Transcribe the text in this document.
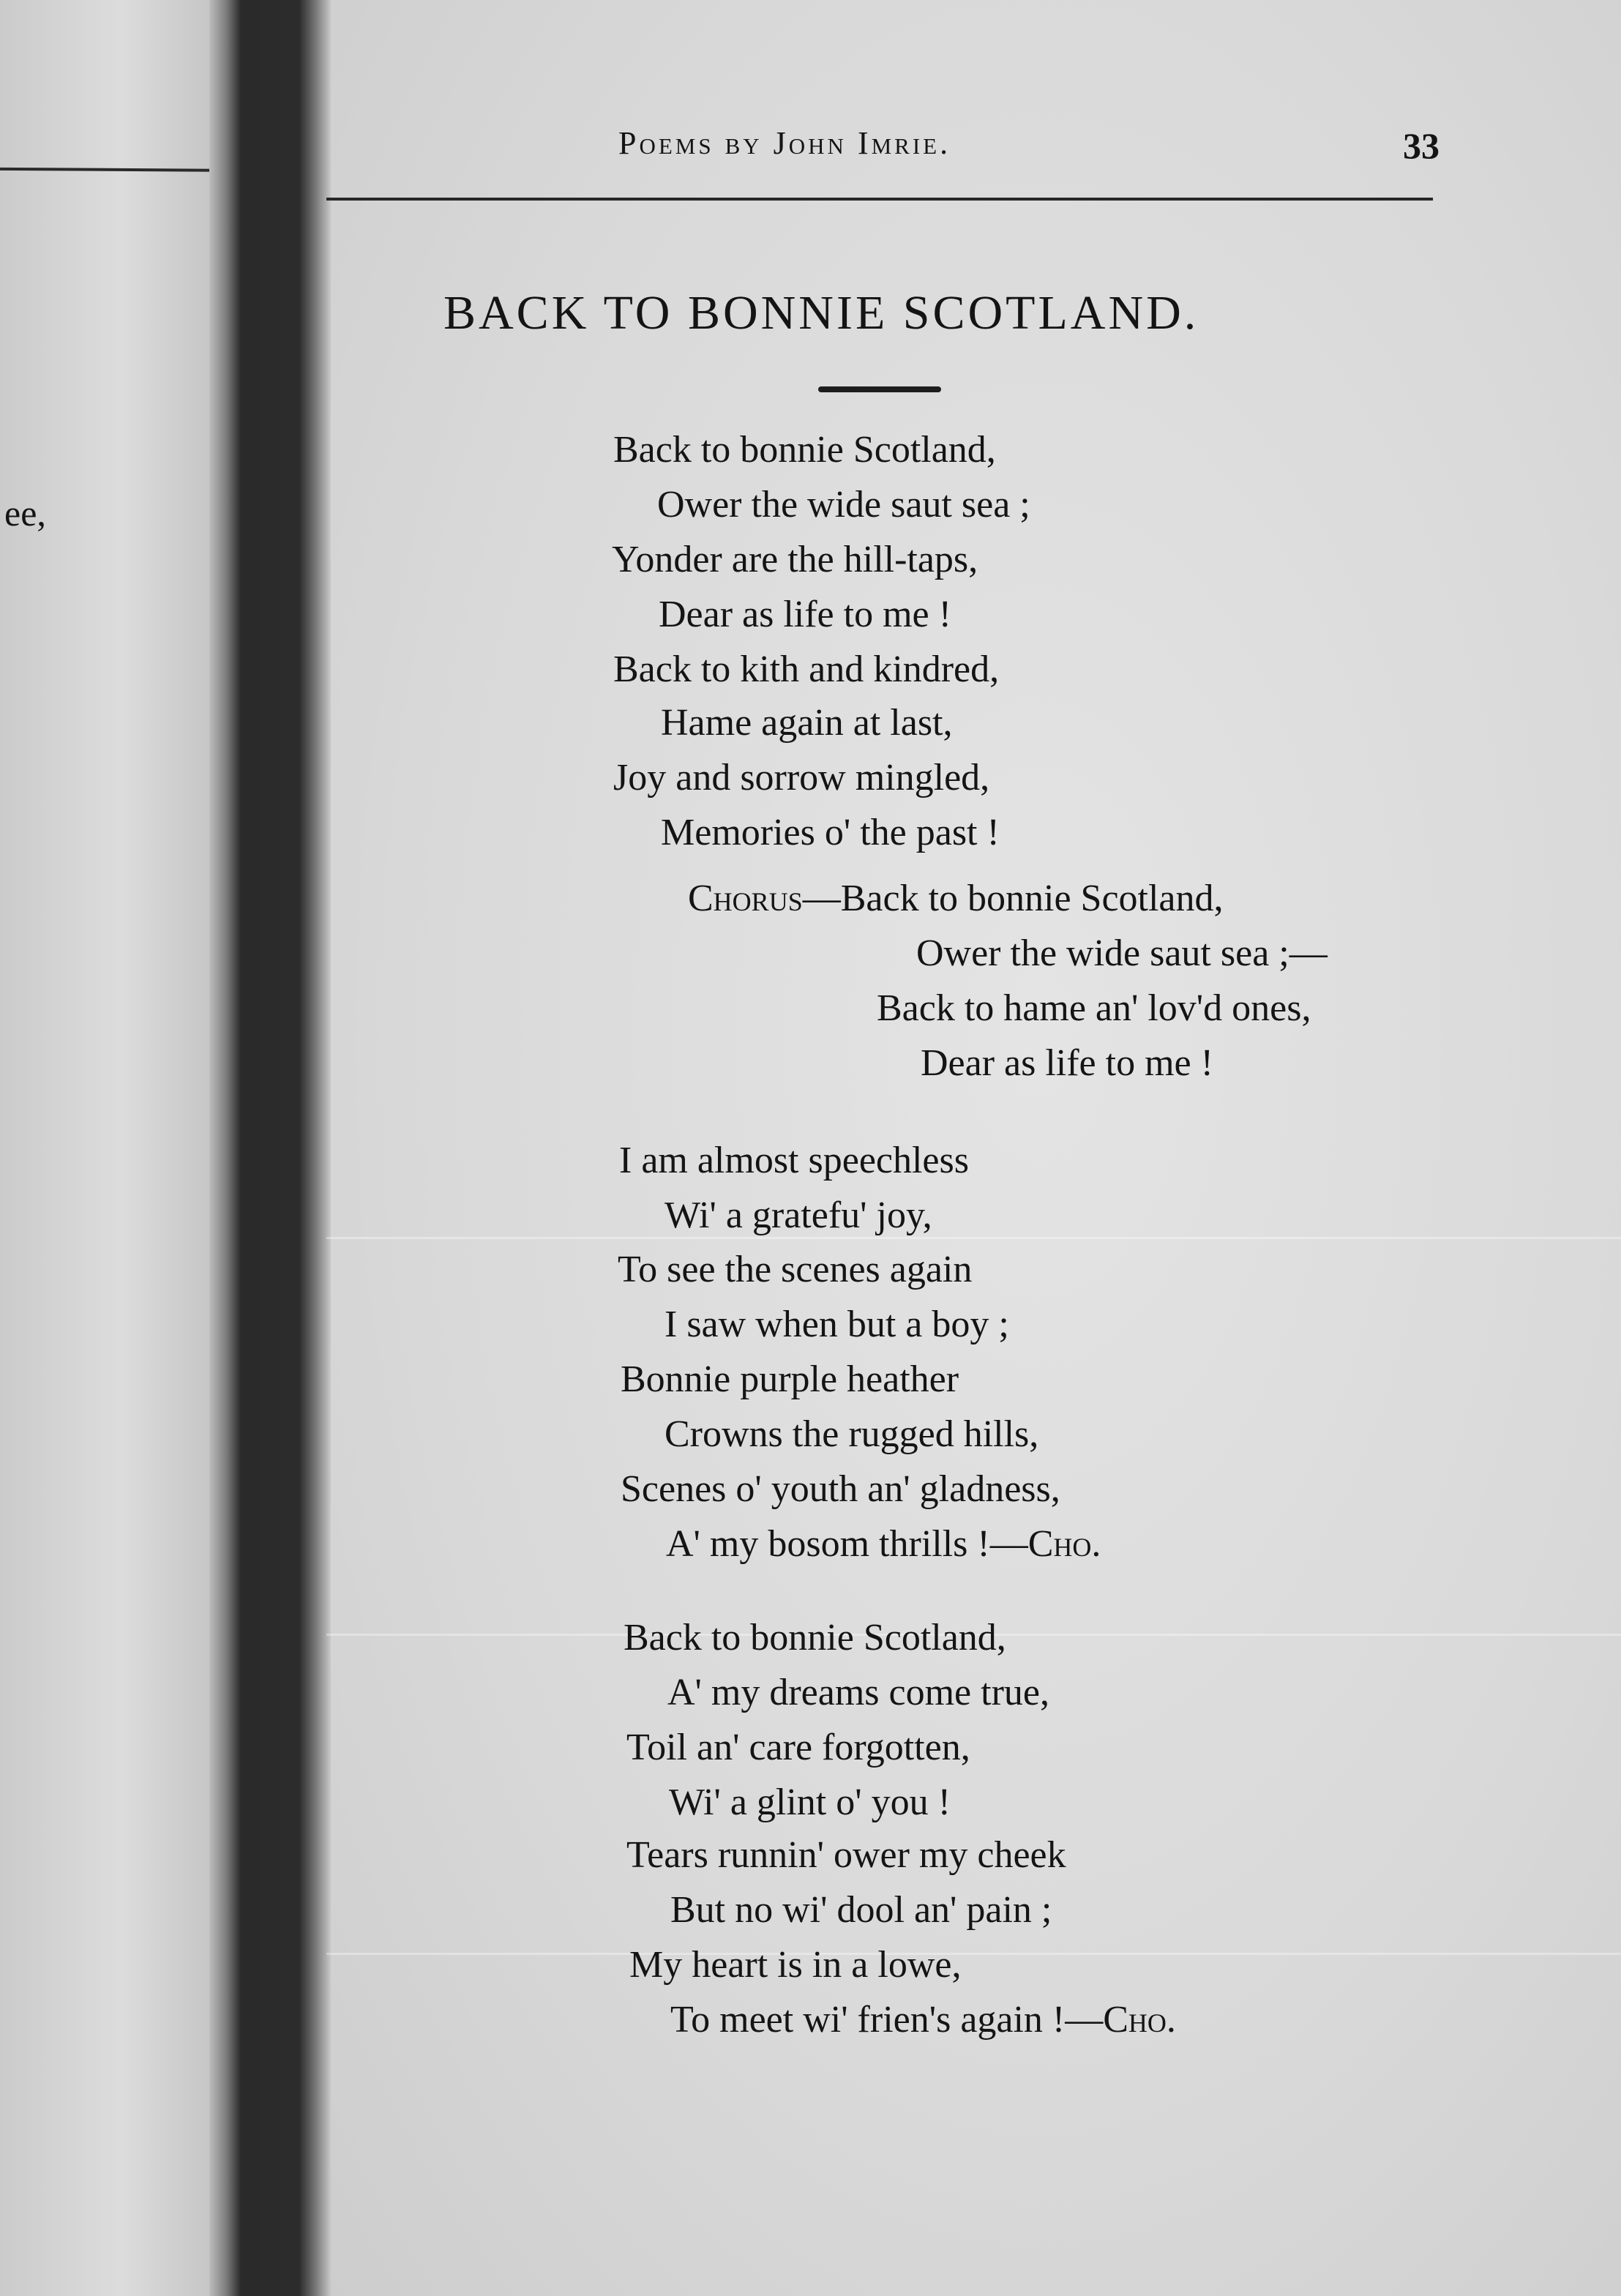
ee,
Poems by John Imrie.	33
BACK TO BONNIE SCOTLAND.

Back to bonnie Scotland,

Ower the wide saut sea ;

Yonder are the hill-taps,

Dear as life to me !

Back to kith and kindred,

Hame again at last,

Joy and sorrow mingled,

Memories o' the past !

Chorus—Back to bonnie Scotland,

Ower the wide saut sea ;—

Back to hame an' lov'd ones,

Dear as life to me !

I am almost speechless

Wi' a gratefu' joy,

To see the scenes again

I saw when but a boy ;

Bonnie purple heather

Crowns the rugged hills,

Scenes o' youth an' gladness,

A' my bosom thrills !—Cho.

Back to bonnie Scotland,

A' my dreams come true,

Toil an' care forgotten,

Wi' a glint o' you !

Tears runnin' ower my cheek

But no wi' dool an' pain ;

My heart is in a lowe,

To meet wi' frien's again !—Cho.
